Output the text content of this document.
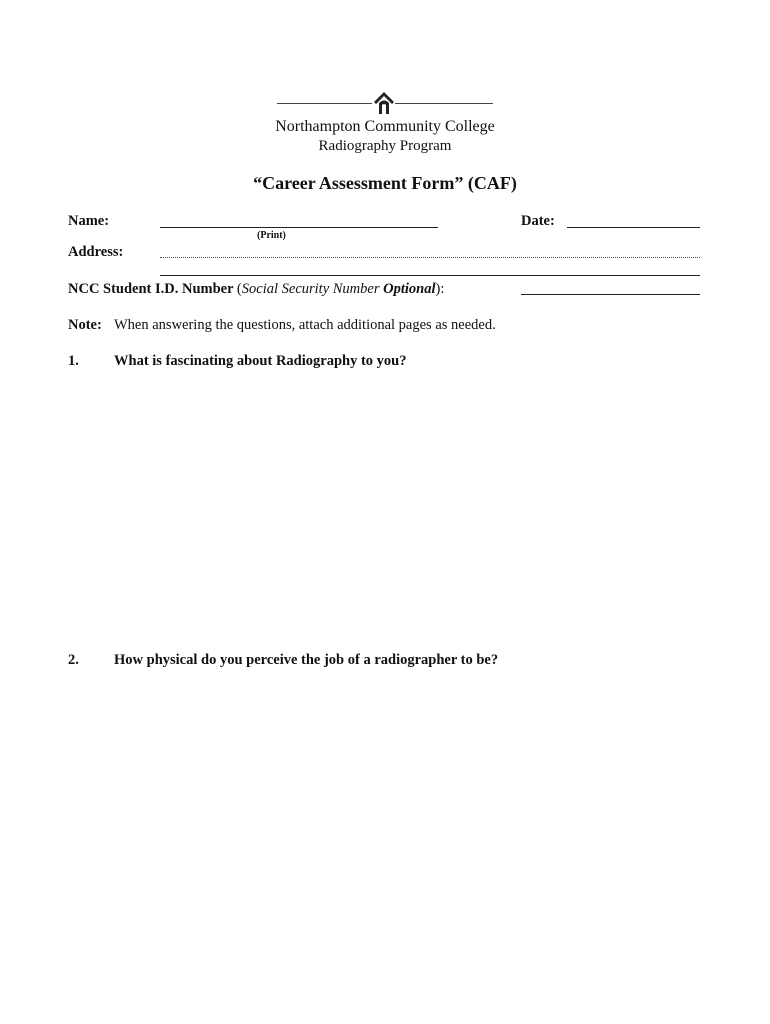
Northampton Community College
Radiography Program
“Career Assessment Form” (CAF)
Name:
(Print)
Date:
Address:
NCC Student I.D. Number (Social Security Number Optional):
Note: When answering the questions, attach additional pages as needed.
1. What is fascinating about Radiography to you?
2. How physical do you perceive the job of a radiographer to be?
